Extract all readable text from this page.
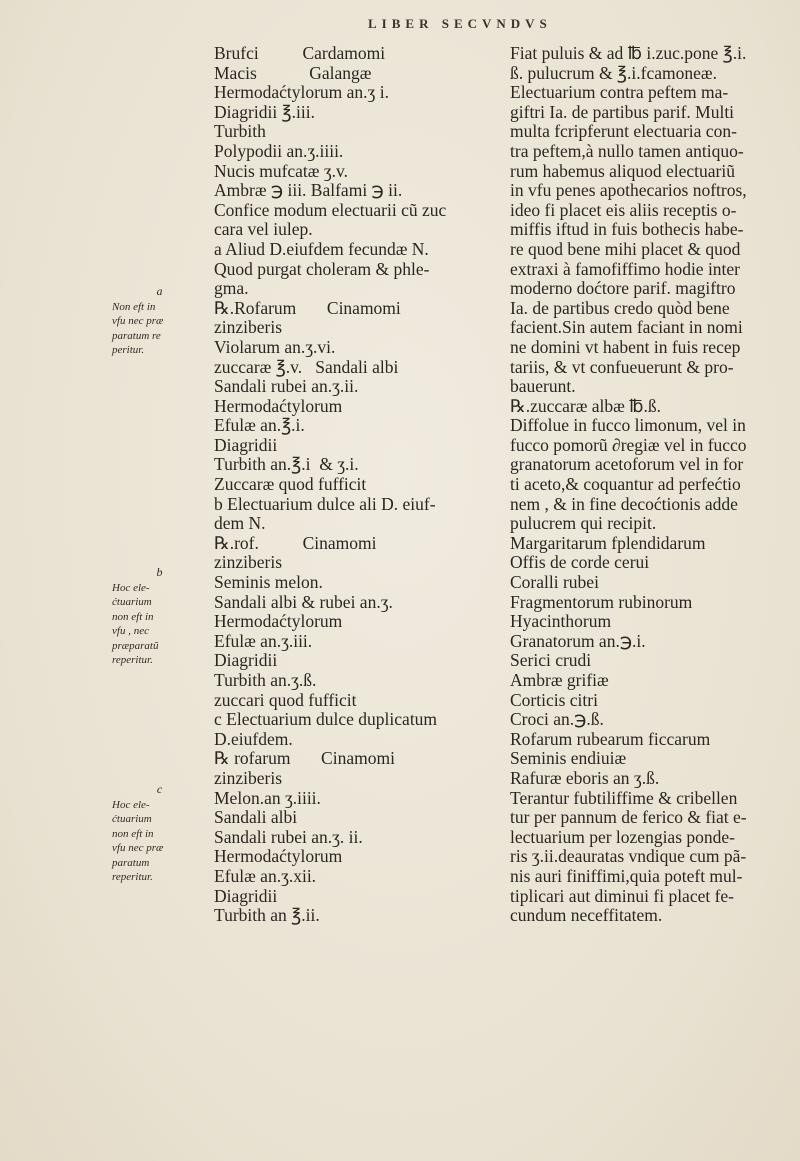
LIBER SECVNDVS
Brufci          Cardamomi
Macis            Galangæ
Hermodaćtylorum an.ʒ i.
Diagridii ℥.iii.
Turbith
Polypodii an.ʒ.iiii.
Nucis mufcatæ ʒ.v.
Ambræ ℈ iii. Balfami ℈ ii.
Confice modum electuarii cũ zuc
cara vel iulep.
a Aliud D.eiufdem fecundæ N.
Quod purgat choleram & phle-
gma.
℞.Rofarum       Cinamomi
zinziberis
Violarum an.ʒ.vi.
zuccaræ ℥.v.   Sandali albi
Sandali rubei an.ʒ.ii.
Hermodaćtylorum
Efulæ an.℥.i.
Diagridii
Turbith an.℥.i  & ʒ.i.
Zuccaræ quod fufficit
b Electuarium dulce ali D. eiuf-
dem N.
℞.rof.          Cinamomi
zinziberis
Seminis melon.
Sandali albi & rubei an.ʒ.
Hermodaćtylorum
Efulæ an.ʒ.iii.
Diagridii
Turbith an.ʒ.ß.
zuccari quod fufficit
c Electuarium dulce duplicatum
D.eiufdem.
℞ rofarum       Cinamomi
zinziberis
Melon.an ʒ.iiii.
Sandali albi
Sandali rubei an.ʒ. ii.
Hermodaćtylorum
Efulæ an.ʒ.xii.
Diagridii
Turbith an ℥.ii.
Fiat puluis & ad ℔ i.zuc.pone ℥.i.
ß. pulucrum & ℥.i.fcamoneæ.
Electuarium contra peftem ma-
giftri Ia. de partibus parif. Multi
multa fcripferunt electuaria con-
tra peftem,à nullo tamen antiquo-
rum habemus aliquod electuariũ
in vfu penes apothecarios noftros,
ideo fi placet eis aliis receptis o-
miffis iftud in fuis bothecis habe-
re quod bene mihi placet & quod
extraxi à famofiffimo hodie inter
moderno doćtore parif. magiftro
Ia. de partibus credo quòd bene
facient.Sin autem faciant in nomi
ne domini vt habent in fuis recep
tariis, & vt confueuerunt & pro-
bauerunt.
℞.zuccaræ albæ ℔.ß.
Diffolue in fucco limonum, vel in
fucco pomorũ ∂regiæ vel in fucco
granatorum acetoforum vel in for
ti aceto,& coquantur ad perfećtio
nem , & in fine decoćtionis adde
pulucrem qui recipit.
Margaritarum fplendidarum
Offis de corde cerui
Coralli rubei
Fragmentorum rubinorum
Hyacinthorum
Granatorum an.℈.i.
Serici crudi
Ambræ grifiæ
Corticis citri
Croci an.℈.ß.
Rofarum rubearum ficcarum
Seminis endiuiæ
Rafuræ eboris an ʒ.ß.
Terantur fubtiliffime & cribellen
tur per pannum de ferico & fiat e-
lectuarium per lozengias ponde-
ris ʒ.ii.deauratas vndique cum pã-
nis auri finiffimi,quia poteft mul-
tiplicari aut diminui fi placet fe-
cundum neceffitatem.
a
Non eft in
vfu nec præ
paratum re
peritur.
b
Hoc ele-
ćtuarium
non eft in
vfu , nec
præparatũ
reperitur.
c
Hoc ele-
ćtuarium
non eft in
vfu nec præ
paratum
reperitur.
